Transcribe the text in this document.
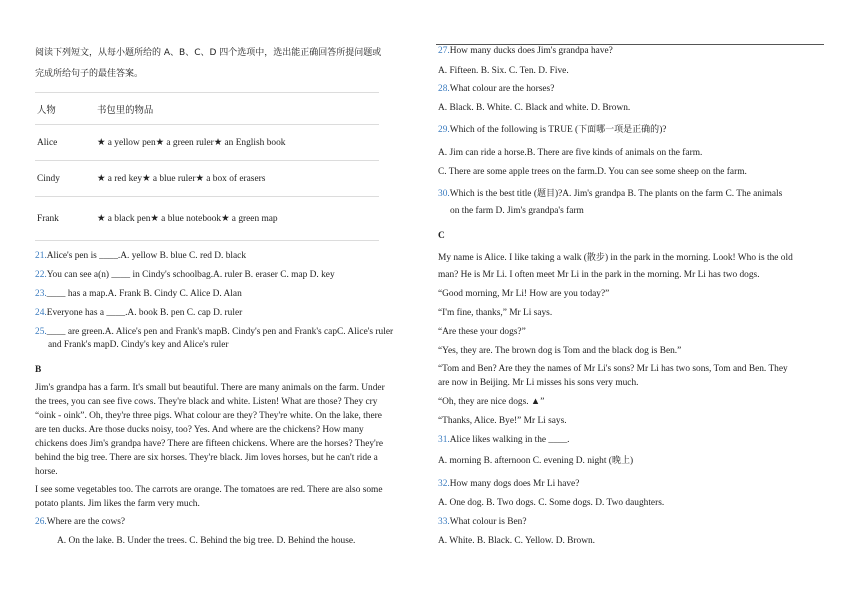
阅读下列短文，从每小题所给的 A、B、C、D 四个选项中，选出能正确回答所提问题或
完成所给句子的最佳答案。
人物	书包里的物品
Alice	★ a yellow pen★ a green ruler★ an English book
Cindy	★ a red key★ a blue ruler★ a box of erasers
Frank	★ a black pen★ a blue notebook★ a green map
21.Alice's pen is ____.A. yellow B. blue C. red D. black
22.You can see a(n) ____ in Cindy's schoolbag.A. ruler B. eraser C. map D. key
23.____ has a map.A. Frank B. Cindy C. Alice D. Alan
24.Everyone has a ____.A. book B. pen C. cap D. ruler
25.____ are green.A. Alice's pen and Frank's mapB. Cindy's pen and Frank's capC. Alice's ruler
and Frank's mapD. Cindy's key and Alice's ruler
B
Jim's grandpa has a farm. It's small but beautiful. There are many animals on the farm. Under
the trees, you can see five cows. They're black and white. Listen! What are those? They cry
“oink - oink”. Oh, they're three pigs. What colour are they? They're white. On the lake, there
are ten ducks. Are those ducks noisy, too? Yes. And where are the chickens? How many
chickens does Jim's grandpa have? There are fifteen chickens. Where are the horses? They're
behind the big tree. There are six horses. They're black. Jim loves horses, but he can't ride a
horse.
I see some vegetables too. The carrots are orange. The tomatoes are red. There are also some
potato plants. Jim likes the farm very much.
26.Where are the cows?
A. On the lake. B. Under the trees. C. Behind the big tree. D. Behind the house.
27.How many ducks does Jim's grandpa have?
A. Fifteen. B. Six. C. Ten. D. Five.
28.What colour are the horses?
A. Black. B. White. C. Black and white. D. Brown.
29.Which of the following is TRUE (下面哪一项是正确的)?
A. Jim can ride a horse.B. There are five kinds of animals on the farm.
C. There are some apple trees on the farm.D. You can see some sheep on the farm.
30.Which is the best title (题目)?A. Jim's grandpa B. The plants on the farm C. The animals
on the farm D. Jim's grandpa's farm
C
My name is Alice. I like taking a walk (散步) in the park in the morning. Look! Who is the old
man? He is Mr Li. I often meet Mr Li in the park in the morning. Mr Li has two dogs.
“Good morning, Mr Li! How are you today?”
“I'm fine, thanks,” Mr Li says.
“Are these your dogs?”
“Yes, they are. The brown dog is Tom and the black dog is Ben.”
“Tom and Ben? Are they the names of Mr Li's sons? Mr Li has two sons, Tom and Ben. They
are now in Beijing. Mr Li misses his sons very much.
“Oh, they are nice dogs. ▲”
“Thanks, Alice. Bye!” Mr Li says.
31.Alice likes walking in the ____.
A. morning B. afternoon C. evening D. night (晚上)
32.How many dogs does Mr Li have?
A. One dog. B. Two dogs. C. Some dogs. D. Two daughters.
33.What colour is Ben?
A. White. B. Black. C. Yellow. D. Brown.
